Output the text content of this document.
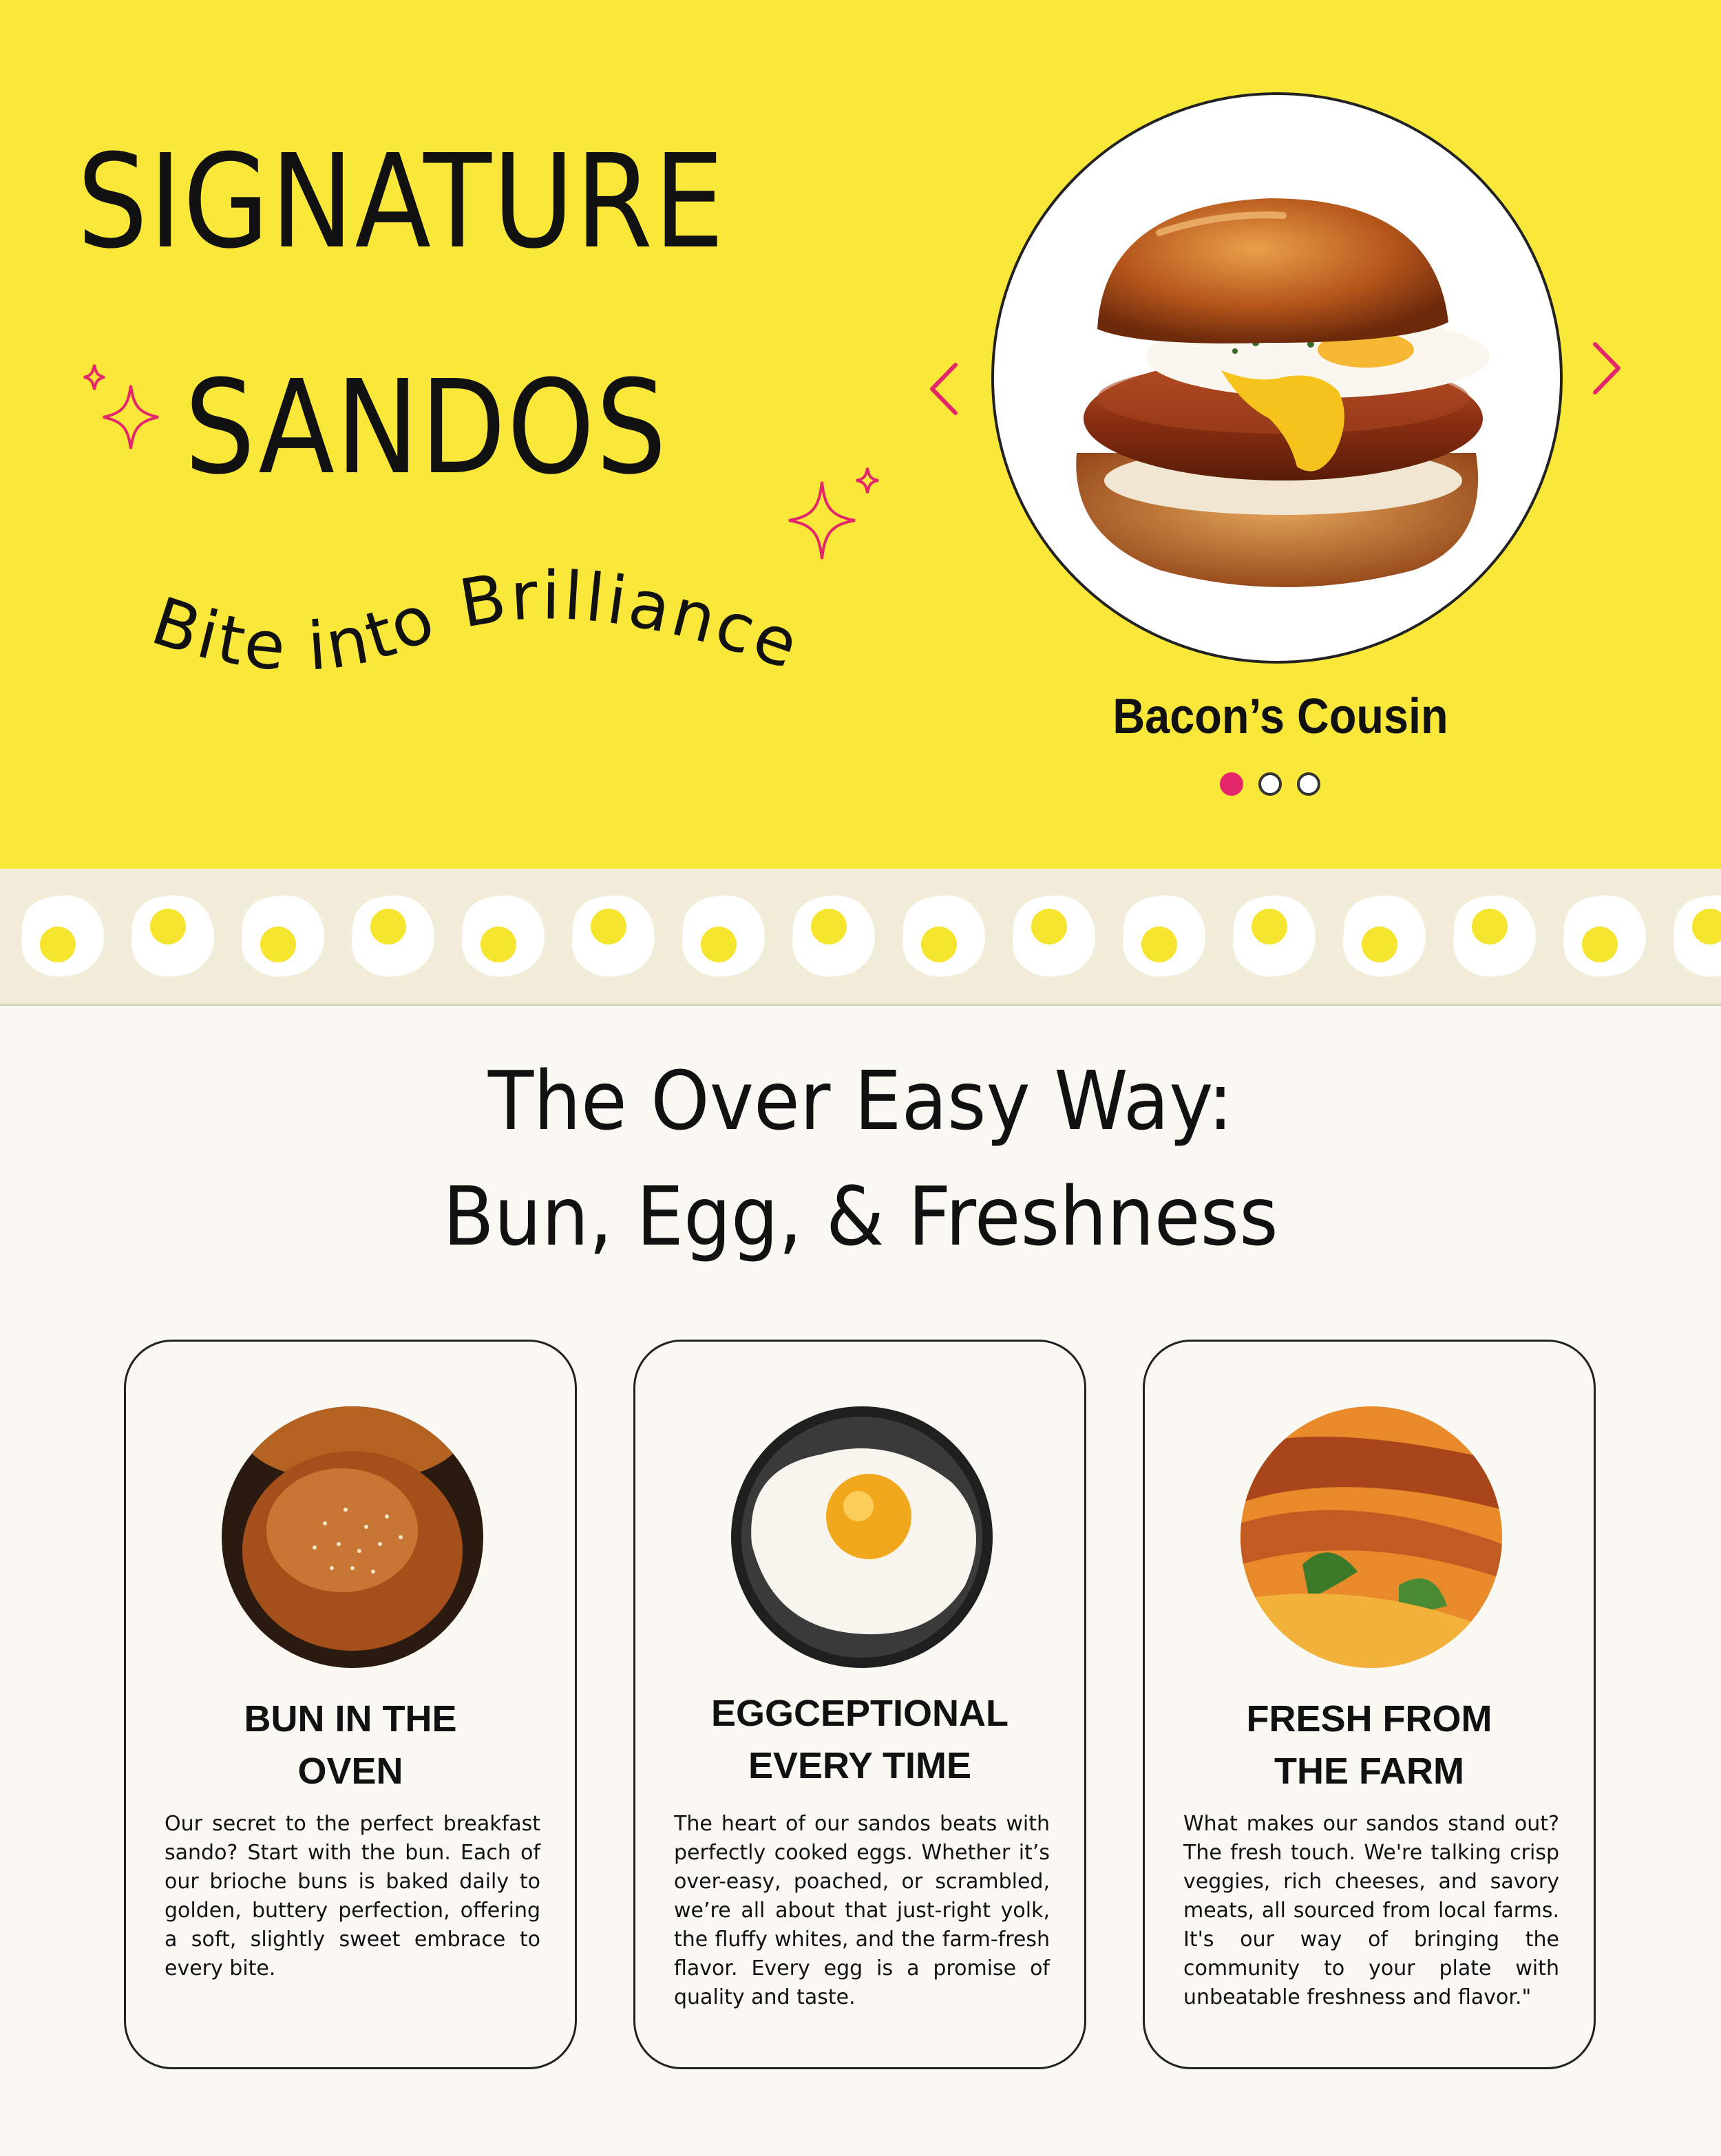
SIGNATURE
SANDOS
Bite into Brilliance
Bacon’s Cousin
The Over Easy Way:
Bun, Egg, & Freshness
BUN IN THE
OVEN
Our secret to the perfect breakfast sando? Start with the bun. Each of our brioche buns is baked daily to golden, buttery perfection, offering a soft, slightly sweet embrace to every bite.
EGGCEPTIONAL
EVERY TIME
The heart of our sandos beats with perfectly cooked eggs. Whether it’s over-easy, poached, or scrambled, we’re all about that just-right yolk, the fluffy whites, and the farm-fresh flavor. Every egg is a promise of quality and taste.
FRESH FROM
THE FARM
What makes our sandos stand out? The fresh touch. We're talking crisp veggies, rich cheeses, and savory meats, all sourced from local farms. It's our way of bringing the community to your plate with unbeatable freshness and flavor."
